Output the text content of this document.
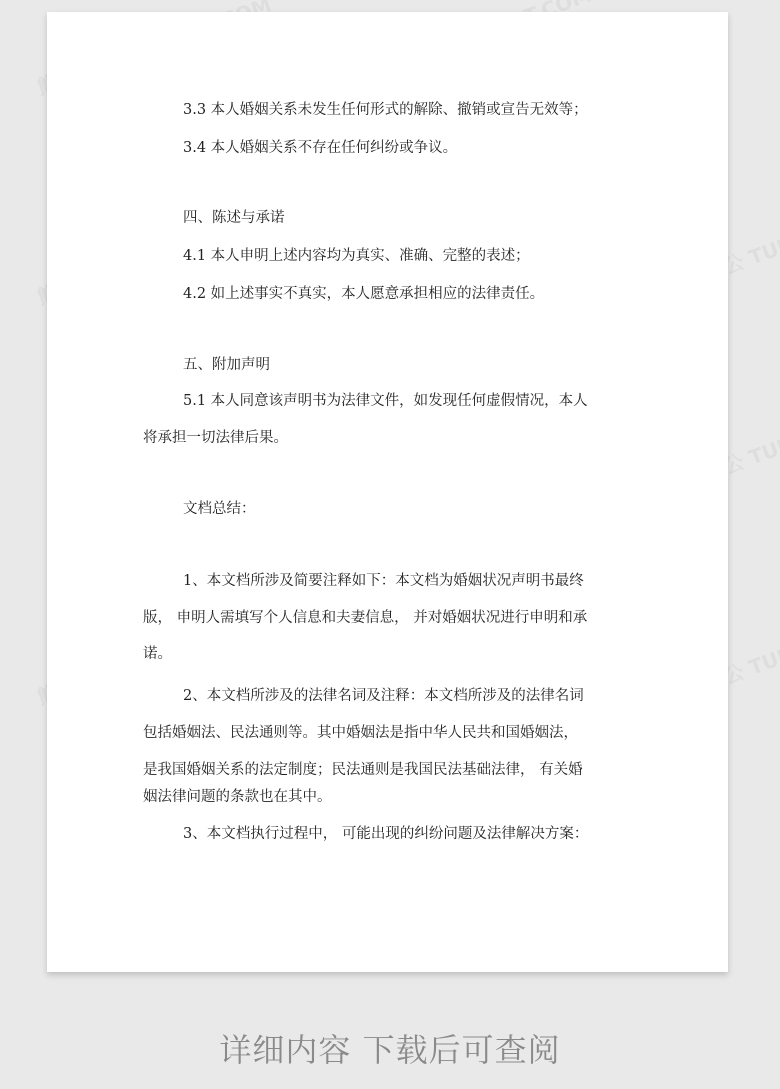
3.3 本人婚姻关系未发生任何形式的解除、撤销或宣告无效等；
3.4 本人婚姻关系不存在任何纠纷或争议。
四、陈述与承诺
4.1 本人申明上述内容均为真实、准确、完整的表述；
4.2 如上述事实不真实，本人愿意承担相应的法律责任。
五、附加声明
5.1 本人同意该声明书为法律文件，如发现任何虚假情况，本人
将承担一切法律后果。
文档总结：
1、本文档所涉及简要注释如下：本文档为婚姻状况声明书最终
版， 申明人需填写个人信息和夫妻信息， 并对婚姻状况进行申明和承
诺。
2、本文档所涉及的法律名词及注释：本文档所涉及的法律名词
包括婚姻法、民法通则等。其中婚姻法是指中华人民共和国婚姻法，
是我国婚姻关系的法定制度；民法通则是我国民法基础法律， 有关婚
姻法律问题的条款也在其中。
3、本文档执行过程中， 可能出现的纠纷问题及法律解决方案：
详细内容 下载后可查阅
